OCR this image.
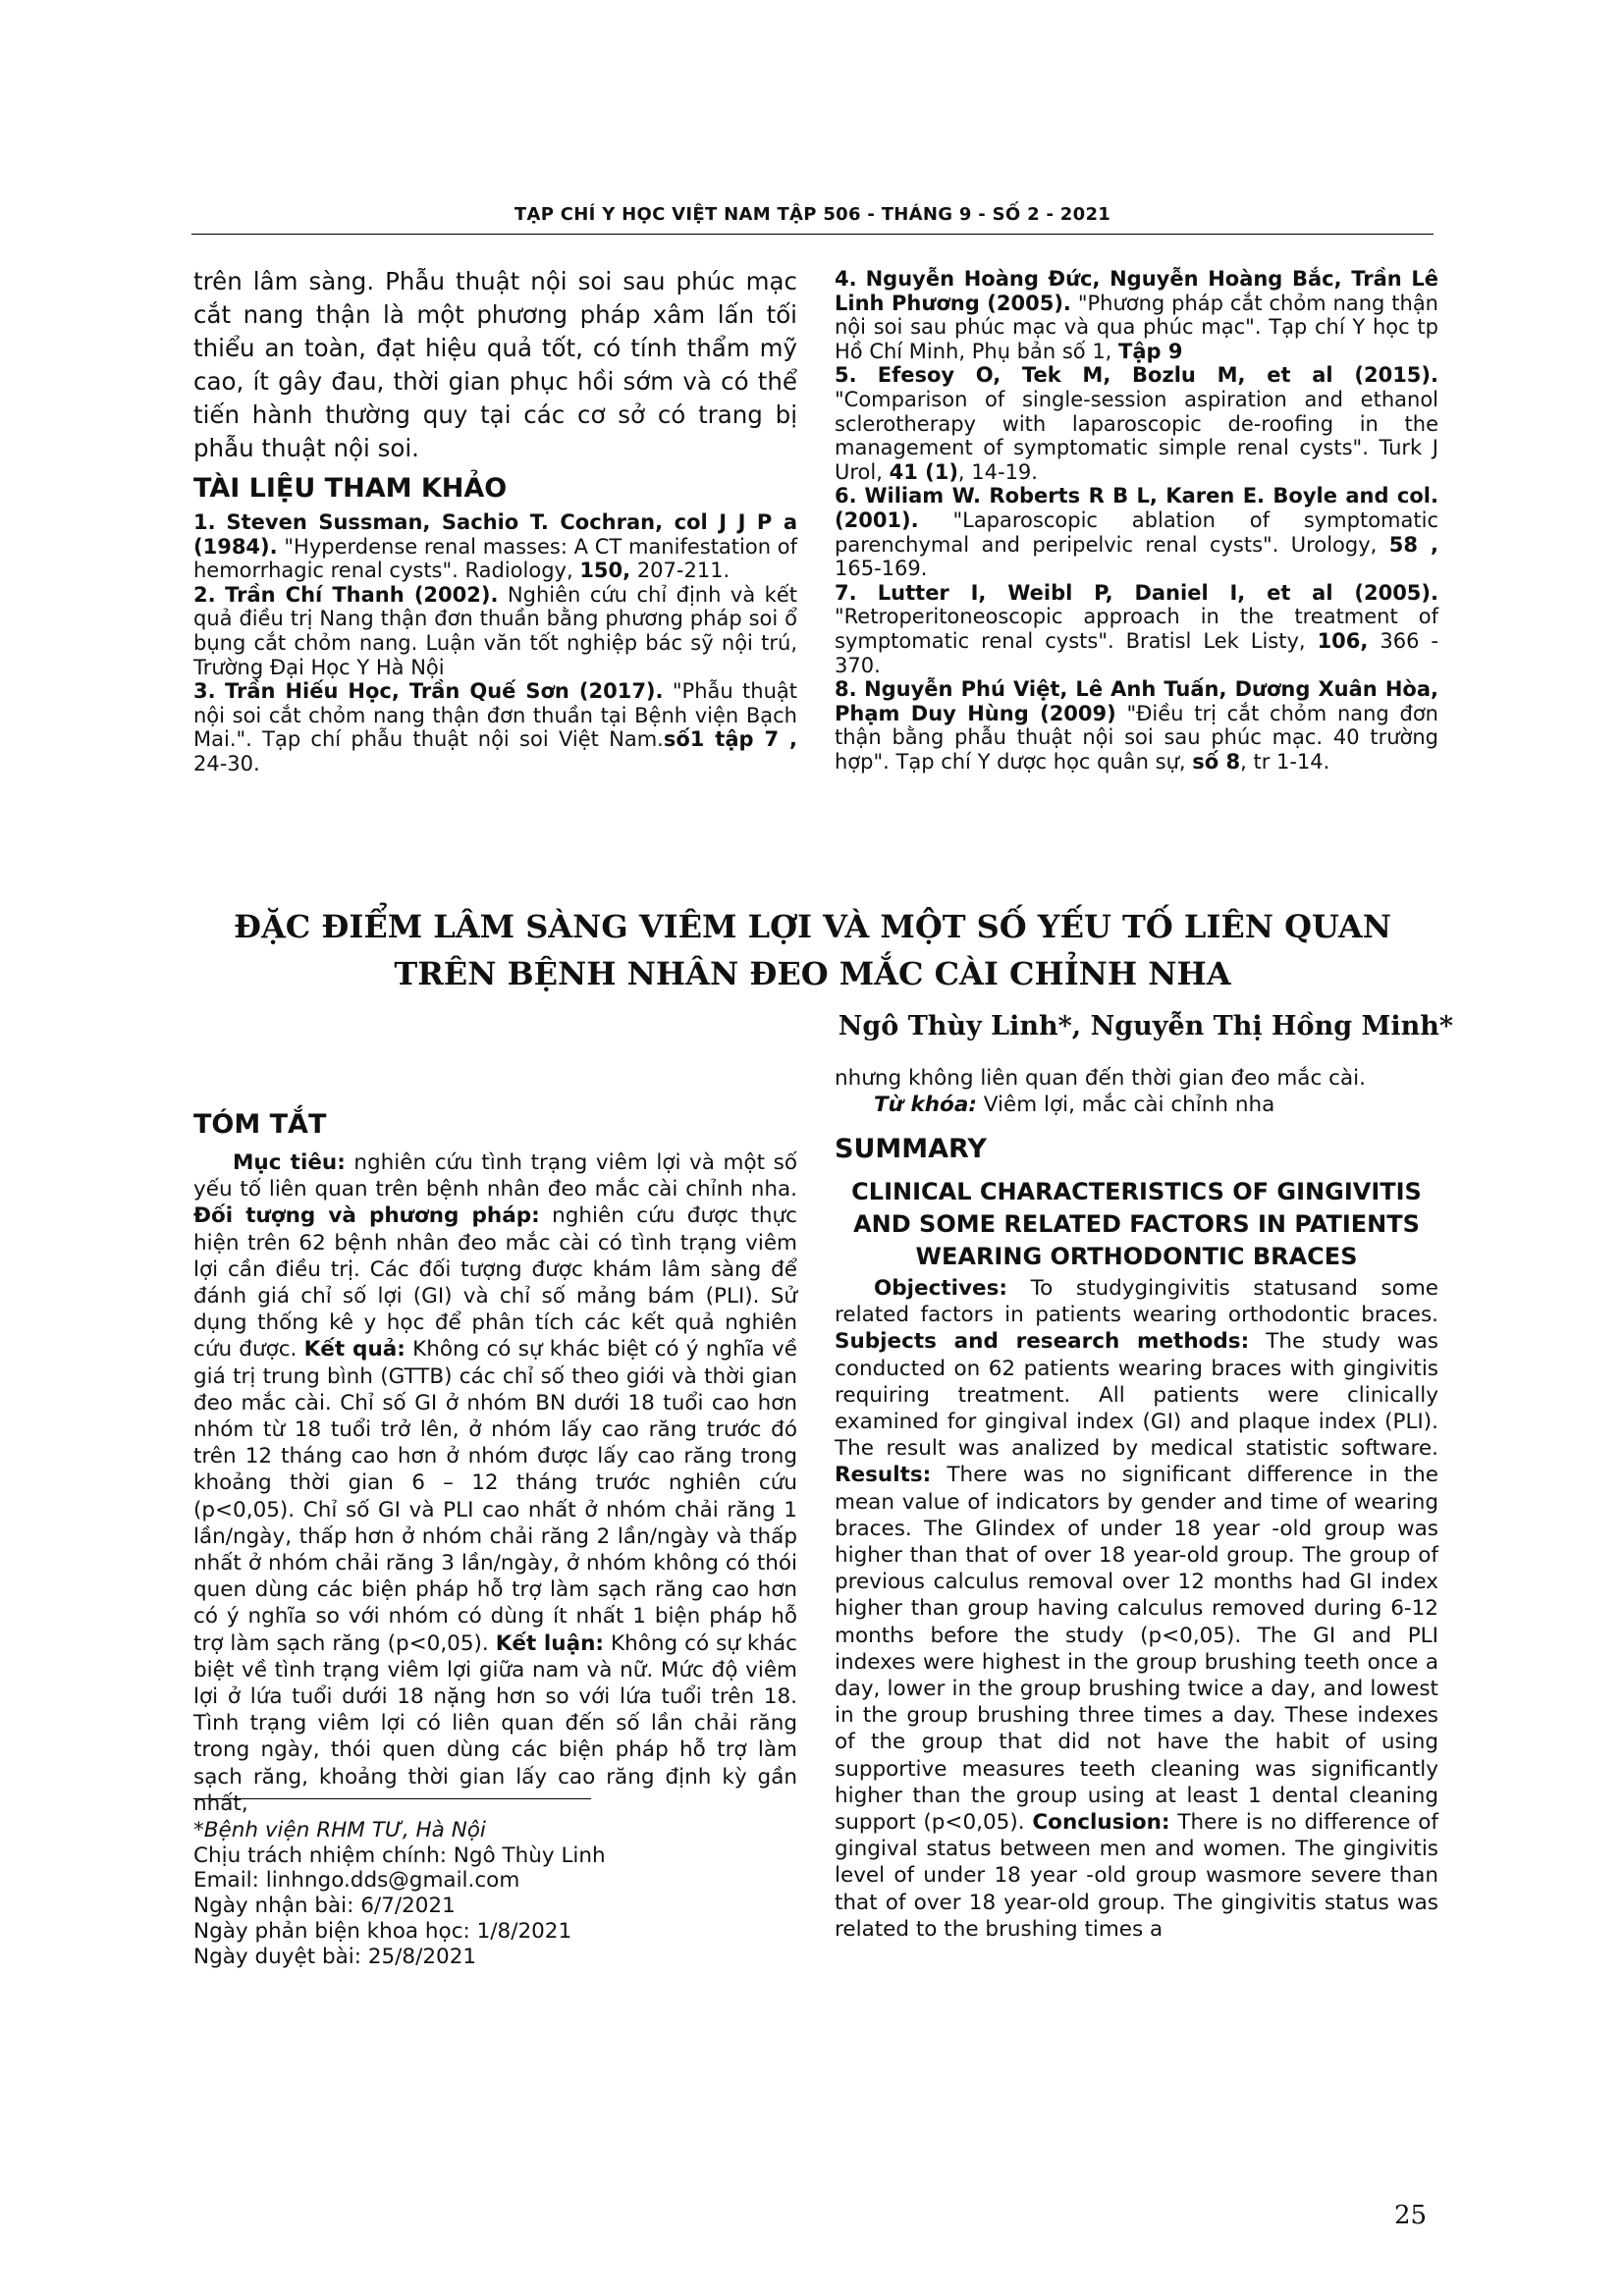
TẠP CHÍ Y HỌC VIỆT NAM TẬP 506 - THÁNG 9 - SỐ 2 - 2021
trên lâm sàng. Phẫu thuật nội soi sau phúc mạc cắt nang thận là một phương pháp xâm lấn tối thiểu an toàn, đạt hiệu quả tốt, có tính thẩm mỹ cao, ít gây đau, thời gian phục hồi sớm và có thể tiến hành thường quy tại các cơ sở có trang bị phẫu thuật nội soi.
TÀI LIỆU THAM KHẢO

1. Steven Sussman, Sachio T. Cochran, col J J P a (1984). "Hyperdense renal masses: A CT manifestation of hemorrhagic renal cysts". Radiology, 150, 207-211.

2. Trần Chí Thanh (2002). Nghiên cứu chỉ định và kết quả điều trị Nang thận đơn thuần bằng phương pháp soi ổ bụng cắt chỏm nang. Luận văn tốt nghiệp bác sỹ nội trú, Trường Đại Học Y Hà Nội

3. Trần Hiếu Học, Trần Quế Sơn (2017). "Phẫu thuật nội soi cắt chỏm nang thận đơn thuần tại Bệnh viện Bạch Mai.". Tạp chí phẫu thuật nội soi Việt Nam.số1 tập 7 , 24-30.

4. Nguyễn Hoàng Đức, Nguyễn Hoàng Bắc, Trần Lê Linh Phương (2005). "Phương pháp cắt chỏm nang thận nội soi sau phúc mạc và qua phúc mạc". Tạp chí Y học tp Hồ Chí Minh, Phụ bản số 1, Tập 9

5. Efesoy O, Tek M, Bozlu M, et al (2015). "Comparison of single-session aspiration and ethanol sclerotherapy with laparoscopic de-roofing in the management of symptomatic simple renal cysts". Turk J Urol, 41 (1), 14-19.

6. Wiliam W. Roberts R B L, Karen E. Boyle and col. (2001). "Laparoscopic ablation of symptomatic parenchymal and peripelvic renal cysts". Urology, 58 , 165-169.

7. Lutter I, Weibl P, Daniel I, et al (2005). "Retroperitoneoscopic approach in the treatment of symptomatic renal cysts". Bratisl Lek Listy, 106, 366 - 370.

8. Nguyễn Phú Việt, Lê Anh Tuấn, Dương Xuân Hòa, Phạm Duy Hùng (2009) "Điều trị cắt chỏm nang đơn thận bằng phẫu thuật nội soi sau phúc mạc. 40 trường hợp". Tạp chí Y dược học quân sự, số 8, tr 1-14.

ĐẶC ĐIỂM LÂM SÀNG VIÊM LỢI VÀ MỘT SỐ YẾU TỐ LIÊN QUAN
TRÊN BỆNH NHÂN ĐEO MẮC CÀI CHỈNH NHA
Ngô Thùy Linh*, Nguyễn Thị Hồng Minh*
TÓM TẮT
Mục tiêu: nghiên cứu tình trạng viêm lợi và một số yếu tố liên quan trên bệnh nhân đeo mắc cài chỉnh nha. Đối tượng và phương pháp: nghiên cứu được thực hiện trên 62 bệnh nhân đeo mắc cài có tình trạng viêm lợi cần điều trị. Các đối tượng được khám lâm sàng để đánh giá chỉ số lợi (GI) và chỉ số mảng bám (PLI). Sử dụng thống kê y học để phân tích các kết quả nghiên cứu được. Kết quả: Không có sự khác biệt có ý nghĩa về giá trị trung bình (GTTB) các chỉ số theo giới và thời gian đeo mắc cài. Chỉ số GI ở nhóm BN dưới 18 tuổi cao hơn nhóm từ 18 tuổi trở lên, ở nhóm lấy cao răng trước đó trên 12 tháng cao hơn ở nhóm được lấy cao răng trong khoảng thời gian 6 – 12 tháng trước nghiên cứu (p<0,05). Chỉ số GI và PLI cao nhất ở nhóm chải răng 1 lần/ngày, thấp hơn ở nhóm chải răng 2 lần/ngày và thấp nhất ở nhóm chải răng 3 lần/ngày, ở nhóm không có thói quen dùng các biện pháp hỗ trợ làm sạch răng cao hơn có ý nghĩa so với nhóm có dùng ít nhất 1 biện pháp hỗ trợ làm sạch răng (p<0,05). Kết luận: Không có sự khác biệt về tình trạng viêm lợi giữa nam và nữ. Mức độ viêm lợi ở lứa tuổi dưới 18 nặng hơn so với lứa tuổi trên 18. Tình trạng viêm lợi có liên quan đến số lần chải răng trong ngày, thói quen dùng các biện pháp hỗ trợ làm sạch răng, khoảng thời gian lấy cao răng định kỳ gần nhất,
nhưng không liên quan đến thời gian đeo mắc cài.
Từ khóa: Viêm lợi, mắc cài chỉnh nha
SUMMARY
CLINICAL CHARACTERISTICS OF GINGIVITIS AND SOME RELATED FACTORS IN PATIENTS WEARING ORTHODONTIC BRACES
Objectives: To studygingivitis statusand some related factors in patients wearing orthodontic braces. Subjects and research methods: The study was conducted on 62 patients wearing braces with gingivitis requiring treatment. All patients were clinically examined for gingival index (GI) and plaque index (PLI). The result was analized by medical statistic software. Results: There was no significant difference in the mean value of indicators by gender and time of wearing braces. The GIindex of under 18 year -old group was higher than that of over 18 year-old group. The group of previous calculus removal over 12 months had GI index higher than group having calculus removed during 6-12 months before the study (p<0,05). The GI and PLI indexes were highest in the group brushing teeth once a day, lower in the group brushing twice a day, and lowest in the group brushing three times a day. These indexes of the group that did not have the habit of using supportive measures teeth cleaning was significantly higher than the group using at least 1 dental cleaning support (p<0,05). Conclusion: There is no difference of gingival status between men and women. The gingivitis level of under 18 year -old group wasmore severe than that of over 18 year-old group. The gingivitis status was related to the brushing times a
*Bệnh viện RHM TƯ, Hà Nội
Chịu trách nhiệm chính: Ngô Thùy Linh
Email: linhngo.dds@gmail.com
Ngày nhận bài: 6/7/2021
Ngày phản biện khoa học: 1/8/2021
Ngày duyệt bài: 25/8/2021
25
